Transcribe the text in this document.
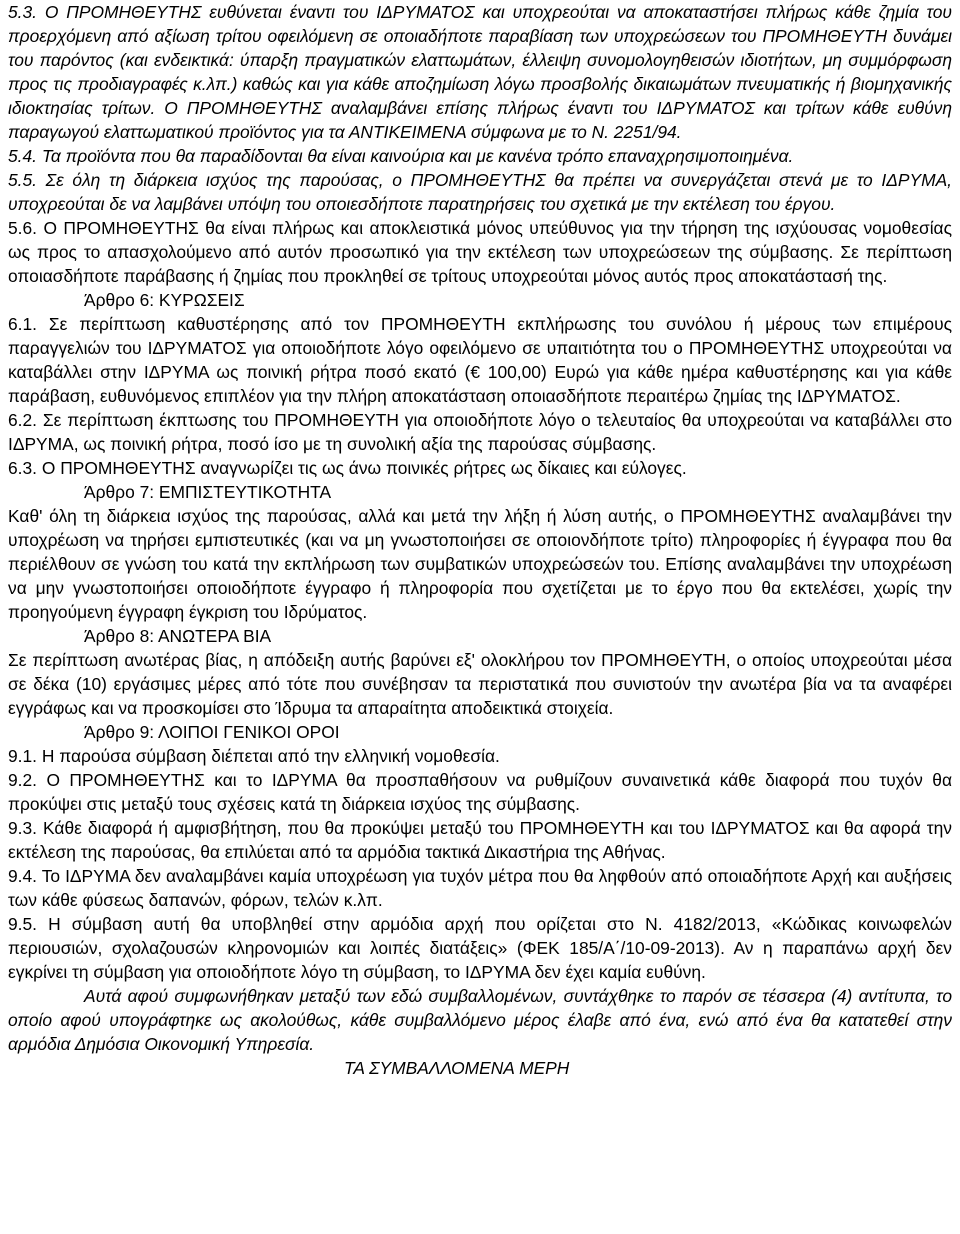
5.3. Ο ΠΡΟΜΗΘΕΥΤΗΣ ευθύνεται έναντι του ΙΔΡΥΜΑΤΟΣ και υποχρεούται να αποκαταστήσει πλήρως κάθε ζημία του προερχόμενη από αξίωση τρίτου οφειλόμενη σε οποιαδήποτε παραβίαση των υποχρεώσεων του ΠΡΟΜΗΘΕΥΤΗ δυνάμει του παρόντος (και ενδεικτικά: ύπαρξη πραγματικών ελαττωμάτων, έλλειψη συνομολογηθεισών ιδιοτήτων, μη συμμόρφωση προς τις προδιαγραφές κ.λπ.) καθώς και για κάθε αποζημίωση λόγω προσβολής δικαιωμάτων πνευματικής ή βιομηχανικής ιδιοκτησίας τρίτων. Ο ΠΡΟΜΗΘΕΥΤΗΣ αναλαμβάνει επίσης πλήρως έναντι του ΙΔΡΥΜΑΤΟΣ και τρίτων κάθε ευθύνη παραγωγού ελαττωματικού προϊόντος για τα ΑΝΤΙΚΕΙΜΕΝΑ σύμφωνα με το Ν. 2251/94.

5.4. Τα προϊόντα που θα παραδίδονται θα είναι καινούρια και με κανένα τρόπο επαναχρησιμοποιημένα.

5.5. Σε όλη τη διάρκεια ισχύος της παρούσας, ο ΠΡΟΜΗΘΕΥΤΗΣ θα πρέπει να συνεργάζεται στενά με το ΙΔΡΥΜΑ, υποχρεούται δε να λαμβάνει υπόψη του οποιεσδήποτε παρατηρήσεις του σχετικά με την εκτέλεση του έργου.

5.6. Ο ΠΡΟΜΗΘΕΥΤΗΣ θα είναι πλήρως και αποκλειστικά μόνος υπεύθυνος για την τήρηση της ισχύουσας νομοθεσίας ως προς το απασχολούμενο από αυτόν προσωπικό για την εκτέλεση των υποχρεώσεων της σύμβασης. Σε περίπτωση οποιασδήποτε παράβασης ή ζημίας που προκληθεί σε τρίτους υποχρεούται μόνος αυτός προς αποκατάστασή της.

Άρθρο 6: ΚΥΡΩΣΕΙΣ

6.1. Σε περίπτωση καθυστέρησης από τον ΠΡΟΜΗΘΕΥΤΗ εκπλήρωσης του συνόλου ή μέρους των επιμέρους παραγγελιών του ΙΔΡΥΜΑΤΟΣ για οποιοδήποτε λόγο οφειλόμενο σε υπαιτιότητα του ο ΠΡΟΜΗΘΕΥΤΗΣ υποχρεούται να καταβάλλει στην ΙΔΡΥΜΑ ως ποινική ρήτρα ποσό εκατό (€ 100,00) Ευρώ για κάθε ημέρα καθυστέρησης και για κάθε παράβαση, ευθυνόμενος επιπλέον για την πλήρη αποκατάσταση οποιασδήποτε περαιτέρω ζημίας της ΙΔΡΥΜΑΤΟΣ.

6.2. Σε περίπτωση έκπτωσης του ΠΡΟΜΗΘΕΥΤΗ για οποιοδήποτε λόγο ο τελευταίος θα υποχρεούται να καταβάλλει στο ΙΔΡΥΜΑ, ως ποινική ρήτρα, ποσό ίσο με τη συνολική αξία της παρούσας σύμβασης.

6.3. Ο ΠΡΟΜΗΘΕΥΤΗΣ αναγνωρίζει τις ως άνω ποινικές ρήτρες ως δίκαιες και εύλογες.

Άρθρο 7: ΕΜΠΙΣΤΕΥΤΙΚΟΤΗΤΑ

Καθ' όλη τη διάρκεια ισχύος της παρούσας, αλλά και μετά την λήξη ή λύση αυτής, ο ΠΡΟΜΗΘΕΥΤΗΣ αναλαμβάνει την υποχρέωση να τηρήσει εμπιστευτικές (και να μη γνωστοποιήσει σε οποιονδήποτε τρίτο) πληροφορίες ή έγγραφα που θα περιέλθουν σε γνώση του κατά την εκπλήρωση των συμβατικών υποχρεώσεών του. Επίσης αναλαμβάνει την υποχρέωση να μην γνωστοποιήσει οποιοδήποτε έγγραφο ή πληροφορία που σχετίζεται με το έργο που θα εκτελέσει, χωρίς την προηγούμενη έγγραφη έγκριση του Ιδρύματος.

Άρθρο 8: ΑΝΩΤΕΡΑ ΒΙΑ

Σε περίπτωση ανωτέρας βίας, η απόδειξη αυτής βαρύνει εξ' ολοκλήρου τον ΠΡΟΜΗΘΕΥΤΗ, ο οποίος υποχρεούται μέσα σε δέκα (10) εργάσιμες μέρες από τότε που συνέβησαν τα περιστατικά που συνιστούν την ανωτέρα βία να τα αναφέρει εγγράφως και να προσκομίσει στο Ίδρυμα τα απαραίτητα αποδεικτικά στοιχεία.

Άρθρο 9: ΛΟΙΠΟΙ ΓΕΝΙΚΟΙ ΟΡΟΙ

9.1. Η παρούσα σύμβαση διέπεται από την ελληνική νομοθεσία.

9.2. Ο ΠΡΟΜΗΘΕΥΤΗΣ και το ΙΔΡΥΜΑ θα προσπαθήσουν να ρυθμίζουν συναινετικά κάθε διαφορά που τυχόν θα προκύψει στις μεταξύ τους σχέσεις κατά τη διάρκεια ισχύος της σύμβασης.

9.3. Κάθε διαφορά ή αμφισβήτηση, που θα προκύψει μεταξύ του ΠΡΟΜΗΘΕΥΤΗ και του ΙΔΡΥΜΑΤΟΣ και θα αφορά την εκτέλεση της παρούσας, θα επιλύεται από τα αρμόδια τακτικά Δικαστήρια της Αθήνας.

9.4. Το ΙΔΡΥΜΑ δεν αναλαμβάνει καμία υποχρέωση για τυχόν μέτρα που θα ληφθούν από οποιαδήποτε Αρχή και αυξήσεις των κάθε φύσεως δαπανών, φόρων, τελών κ.λπ.

9.5. Η σύμβαση αυτή θα υποβληθεί στην αρμόδια αρχή που ορίζεται στο Ν. 4182/2013, «Κώδικας κοινωφελών περιουσιών, σχολαζουσών κληρονομιών και λοιπές διατάξεις» (ΦΕΚ 185/Α΄/10-09-2013). Αν η παραπάνω αρχή δεν εγκρίνει τη σύμβαση για οποιοδήποτε λόγο τη σύμβαση, το ΙΔΡΥΜΑ δεν έχει καμία ευθύνη.

Αυτά αφού συμφωνήθηκαν μεταξύ των εδώ συμβαλλομένων, συντάχθηκε το παρόν σε τέσσερα (4) αντίτυπα, το οποίο αφού υπογράφτηκε ως ακολούθως, κάθε συμβαλλόμενο μέρος έλαβε από ένα, ενώ από ένα θα κατατεθεί στην αρμόδια Δημόσια Οικονομική Υπηρεσία.

ΤΑ ΣΥΜΒΑΛΛΟΜΕΝΑ ΜΕΡΗ
